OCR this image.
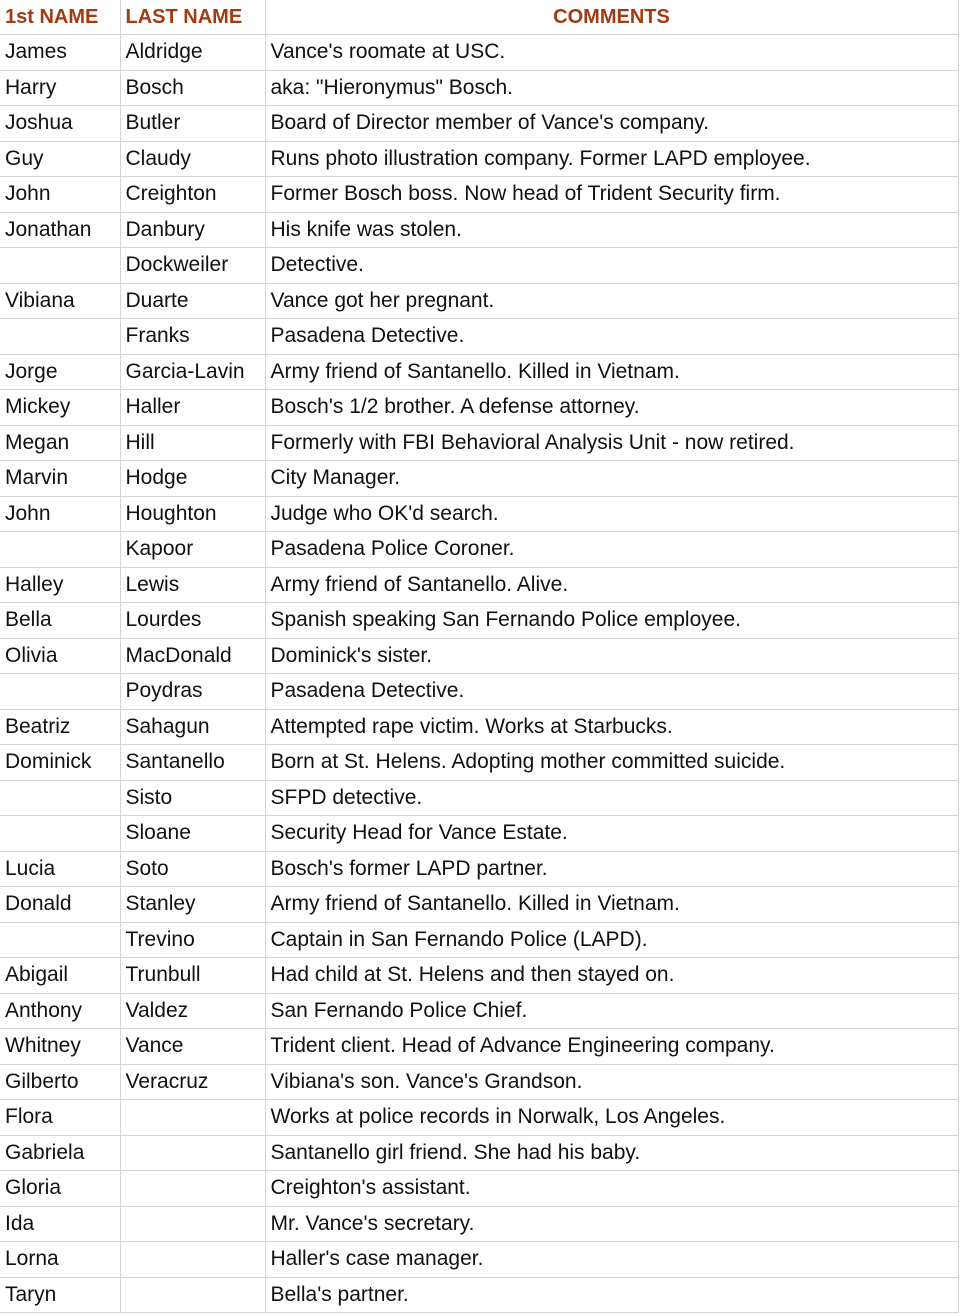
1st NAME	LAST NAME	COMMENTS
James	Aldridge	Vance's roomate at USC.
Harry	Bosch	aka: "Hieronymus" Bosch.
Joshua	Butler	Board of Director member of Vance's company.
Guy	Claudy	Runs photo illustration company. Former LAPD employee.
John	Creighton	Former Bosch boss. Now head of Trident Security firm.
Jonathan	Danbury	His knife was stolen.
	Dockweiler	Detective.
Vibiana	Duarte	Vance got her pregnant.
	Franks	Pasadena Detective.
Jorge	Garcia-Lavin	Army friend of Santanello. Killed in Vietnam.
Mickey	Haller	Bosch's 1/2 brother. A defense attorney.
Megan	Hill	Formerly with FBI Behavioral Analysis Unit - now retired.
Marvin	Hodge	City Manager.
John	Houghton	Judge who OK'd search.
	Kapoor	Pasadena Police Coroner.
Halley	Lewis	Army friend of Santanello. Alive.
Bella	Lourdes	Spanish speaking San Fernando Police employee.
Olivia	MacDonald	Dominick's sister.
	Poydras	Pasadena Detective.
Beatriz	Sahagun	Attempted rape victim. Works at Starbucks.
Dominick	Santanello	Born at St. Helens. Adopting mother committed suicide.
	Sisto	SFPD detective.
	Sloane	Security Head for Vance Estate.
Lucia	Soto	Bosch's former LAPD partner.
Donald	Stanley	Army friend of Santanello. Killed in Vietnam.
	Trevino	Captain in San Fernando Police (LAPD).
Abigail	Trunbull	Had child at St. Helens and then stayed on.
Anthony	Valdez	San Fernando Police Chief.
Whitney	Vance	Trident client. Head of Advance Engineering company.
Gilberto	Veracruz	Vibiana's son. Vance's Grandson.
Flora		Works at police records in Norwalk, Los Angeles.
Gabriela		Santanello girl friend. She had his baby.
Gloria		Creighton's assistant.
Ida		Mr. Vance's secretary.
Lorna		Haller's case manager.
Taryn		Bella's partner.
